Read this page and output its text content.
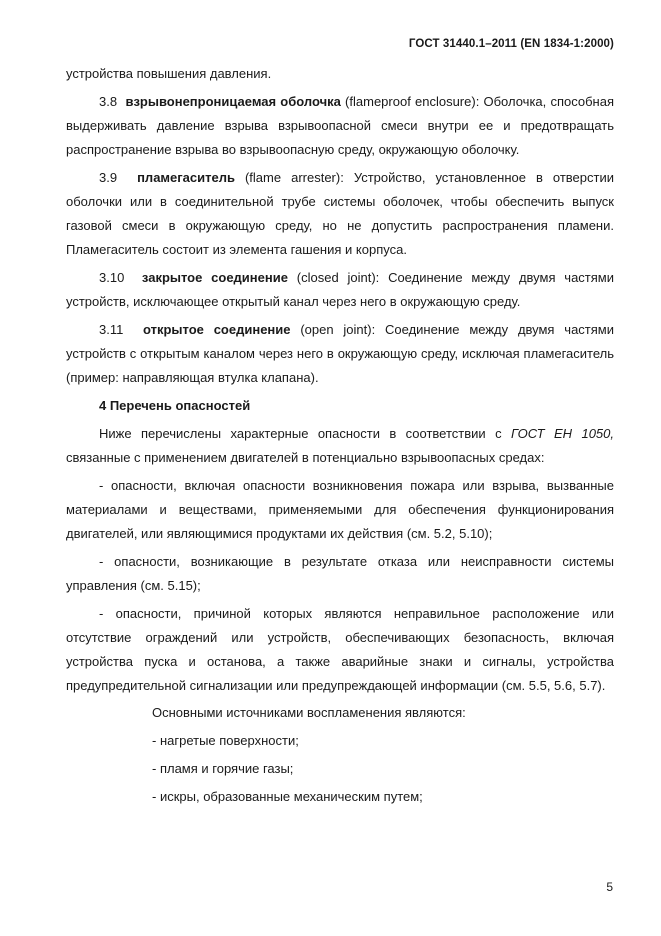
ГОСТ 31440.1–2011 (EN 1834-1:2000)

устройства повышения давления.

3.8 взрывонепроницаемая оболочка (flameproof enclosure): Оболочка, способная выдерживать давление взрыва взрывоопасной смеси внутри ее и предотвращать распространение взрыва во взрывоопасную среду, окружающую оболочку.

3.9 пламегаситель (flame arrester): Устройство, установленное в отверстии оболочки или в соединительной трубе системы оболочек, чтобы обеспечить выпуск газовой смеси в окружающую среду, но не допустить распространения пламени. Пламегаситель состоит из элемента гашения и корпуса.

3.10 закрытое соединение (closed joint): Соединение между двумя частями устройств, исключающее открытый канал через него в окружающую среду.

3.11 открытое соединение (open joint): Соединение между двумя частями устройств с открытым каналом через него в окружающую среду, исключая пламегаситель (пример: направляющая втулка клапана).

4 Перечень опасностей

Ниже перечислены характерные опасности в соответствии с ГОСТ ЕН 1050, связанные с применением двигателей в потенциально взрывоопасных средах:

- опасности, включая опасности возникновения пожара или взрыва, вызванные материалами и веществами, применяемыми для обеспечения функционирования двигателей, или являющимися продуктами их действия (см. 5.2, 5.10);

- опасности, возникающие в результате отказа или неисправности системы управления (см. 5.15);

- опасности, причиной которых являются неправильное расположение или отсутствие ограждений или устройств, обеспечивающих безопасность, включая устройства пуска и останова, а также аварийные знаки и сигналы, устройства предупредительной сигнализации или предупреждающей информации (см. 5.5, 5.6, 5.7).

Основными источниками воспламенения являются:

- нагретые поверхности;

- пламя и горячие газы;

- искры, образованные механическим путем;

5
